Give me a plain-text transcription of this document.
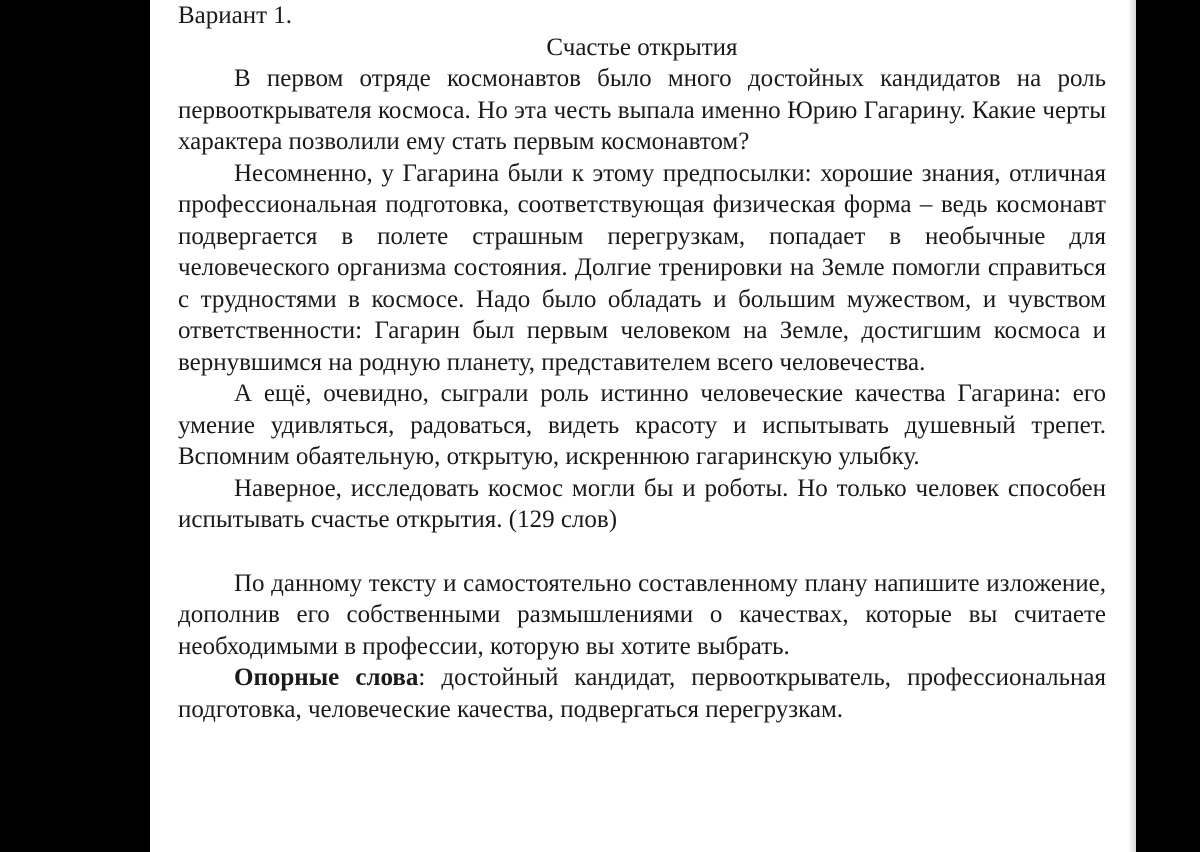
Вариант 1.

Счастье открытия

В первом отряде космонавтов было много достойных кандидатов на роль первооткрывателя космоса. Но эта честь выпала именно Юрию Гагарину. Какие черты характера позволили ему стать первым космонавтом?

Несомненно, у Гагарина были к этому предпосылки: хорошие знания, отличная профессиональная подготовка, соответствующая физическая форма – ведь космонавт подвергается в полете страшным перегрузкам, попадает в необычные для человеческого организма состояния. Долгие тренировки на Земле помогли справиться с трудностями в космосе. Надо было обладать и большим мужеством, и чувством ответственности: Гагарин был первым человеком на Земле, достигшим космоса и вернувшимся на родную планету, представителем всего человечества.

А ещё, очевидно, сыграли роль истинно человеческие качества Гагарина: его умение удивляться, радоваться, видеть красоту и испытывать душевный трепет. Вспомним обаятельную, открытую, искреннюю гагаринскую улыбку.

Наверное, исследовать космос могли бы и роботы. Но только человек способен испытывать счастье открытия. (129 слов)

По данному тексту и самостоятельно составленному плану напишите изложение, дополнив его собственными размышлениями о качествах, которые вы считаете необходимыми в профессии, которую вы хотите выбрать.

Опорные слова: достойный кандидат, первооткрыватель, профессиональная подготовка, человеческие качества, подвергаться перегрузкам.
